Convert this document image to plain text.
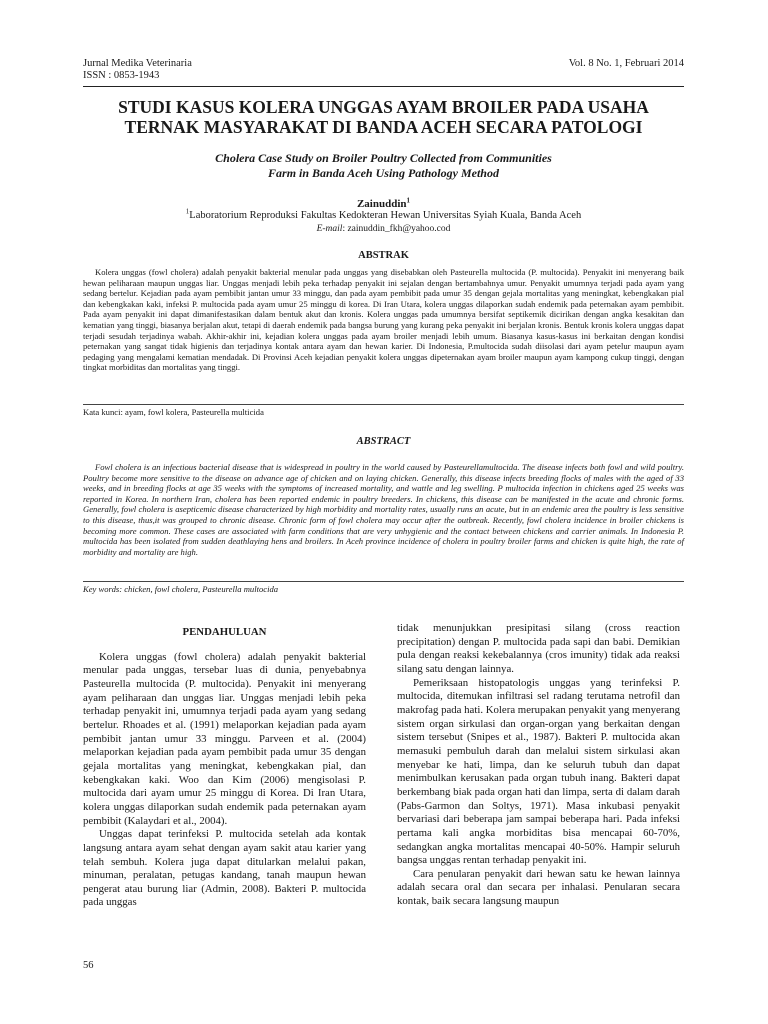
Jurnal Medika Veterinaria
ISSN : 0853-1943
Vol. 8 No. 1, Februari 2014
STUDI KASUS KOLERA UNGGAS AYAM BROILER PADA USAHA
TERNAK MASYARAKAT DI BANDA ACEH SECARA PATOLOGI
Cholera Case Study on Broiler Poultry Collected from Communities
Farm in Banda Aceh Using Pathology Method
Zainuddin$^1$
$^1$Laboratorium Reproduksi Fakultas Kedokteran Hewan Universitas Syiah Kuala, Banda Aceh
E-mail: zainuddin_fkh@yahoo.cod
ABSTRAK

Kolera unggas (fowl cholera) adalah penyakit bakterial menular pada unggas yang disebabkan oleh Pasteurella multocida (P. multocida). Penyakit ini menyerang baik hewan peliharaan maupun unggas liar. Unggas menjadi lebih peka terhadap penyakit ini sejalan dengan bertambahnya umur. Penyakit umumnya terjadi pada ayam yang sedang bertelur. Kejadian pada ayam pembibit jantan umur 33 minggu, dan pada ayam pembibit pada umur 35 dengan gejala mortalitas yang meningkat, kebengkakan pial dan kebengkakan kaki, infeksi P. multocida pada ayam umur 25 minggu di korea. Di Iran Utara, kolera unggas dilaporkan sudah endemik pada peternakan ayam pembibit. Pada ayam penyakit ini dapat dimanifestasikan dalam bentuk akut dan kronis. Kolera unggas pada umumnya bersifat septikemik dicirikan dengan angka kesakitan dan kematian yang tinggi, biasanya berjalan akut, tetapi di daerah endemik pada bangsa burung yang kurang peka penyakit ini berjalan kronis. Bentuk kronis kolera unggas dapat terjadi sesudah terjadinya wabah. Akhir-akhir ini, kejadian kolera unggas pada ayam broiler menjadi lebih umum. Biasanya kasus-kasus ini berkaitan dengan kondisi peternakan yang sangat tidak higienis dan terjadinya kontak antara ayam dan hewan karier. Di Indonesia, P.multocida sudah diisolasi dari ayam petelur maupun ayam pedaging yang mengalami kematian mendadak. Di Provinsi Aceh kejadian penyakit kolera unggas dipeternakan ayam broiler maupun ayam kampong cukup tinggi, dengan tingkat morbiditas dan mortalitas yang tinggi.

Kata kunci: ayam, fowl kolera, Pasteurella multicida
ABSTRACT

Fowl cholera is an infectious bacterial disease that is widespread in poultry in the world caused by Pasteurellamultocida. The disease infects both fowl and wild poultry. Poultry become more sensitive to the disease on advance age of chicken and on laying chicken. Generally, this disease infects breeding flocks of males with the aged of 33 weeks, and in breeding flocks at age 35 weeks with the symptoms of increased mortality, and wattle and leg swelling. P multocida infection in chickens aged 25 weeks was reported in Korea. In northern Iran, cholera has been reported endemic in poultry breeders. In chickens, this disease can be manifested in the acute and chronic forms. Generally, fowl cholera is asepticemic disease characterized by high morbidity and mortality rates, usually runs an acute, but in an endemic area the poultry is less sensitive to this disease, thus,it was grouped to chronic disease. Chronic form of fowl cholera may occur after the outbreak. Recently, fowl cholera incidence in broiler chickens is becoming more common. These cases are associated with farm conditions that are very unhygienic and the contact between chickens and carrier animals. In Indonesia P. multocida has been isolated from sudden deathlaying hens and broilers. In Aceh province incidence of cholera in poultry broiler farms and chicken is quite high, the rate of morbidity and mortality are high.

Key words: chicken, fowl cholera, Pasteurella multocida
PENDAHULUAN

Kolera unggas (fowl cholera) adalah penyakit bakterial menular pada unggas, tersebar luas di dunia, penyebabnya Pasteurella multocida (P. multocida). Penyakit ini menyerang ayam peliharaan dan unggas liar. Unggas menjadi lebih peka terhadap penyakit ini, umumnya terjadi pada ayam yang sedang bertelur. Rhoades et al. (1991) melaporkan kejadian pada ayam pembibit jantan umur 33 minggu. Parveen et al. (2004) melaporkan kejadian pada ayam pembibit pada umur 35 dengan gejala mortalitas yang meningkat, kebengkakan pial, dan kebengkakan kaki. Woo dan Kim (2006) mengisolasi P. multocida dari ayam umur 25 minggu di Korea. Di Iran Utara, kolera unggas dilaporkan sudah endemik pada peternakan ayam pembibit (Kalaydari et al., 2004).

Unggas dapat terinfeksi P. multocida setelah ada kontak langsung antara ayam sehat dengan ayam sakit atau karier yang telah sembuh. Kolera juga dapat ditularkan melalui pakan, minuman, peralatan, petugas kandang, tanah maupun hewan pengerat atau burung liar (Admin, 2008). Bakteri P. multocida pada unggas

tidak menunjukkan presipitasi silang (cross reaction precipitation) dengan P. multocida pada sapi dan babi. Demikian pula dengan reaksi kekebalannya (cros imunity) tidak ada reaksi silang satu dengan lainnya.

Pemeriksaan histopatologis unggas yang terinfeksi P. multocida, ditemukan infiltrasi sel radang terutama netrofil dan makrofag pada hati. Kolera merupakan penyakit yang menyerang sistem organ sirkulasi dan organ-organ yang berkaitan dengan sistem tersebut (Snipes et al., 1987). Bakteri P. multocida akan memasuki pembuluh darah dan melalui sistem sirkulasi akan menyebar ke hati, limpa, dan ke seluruh tubuh dan dapat menimbulkan kerusakan pada organ tubuh inang. Bakteri dapat berkembang biak pada organ hati dan limpa, serta di dalam darah (Pabs-Garmon dan Soltys, 1971). Masa inkubasi penyakit bervariasi dari beberapa jam sampai beberapa hari. Pada infeksi pertama kali angka morbiditas bisa mencapai 60-70%, sedangkan angka mortalitas mencapai 40-50%. Hampir seluruh bangsa unggas rentan terhadap penyakit ini.

Cara penularan penyakit dari hewan satu ke hewan lainnya adalah secara oral dan secara per inhalasi. Penularan secara kontak, baik secara langsung maupun

56
